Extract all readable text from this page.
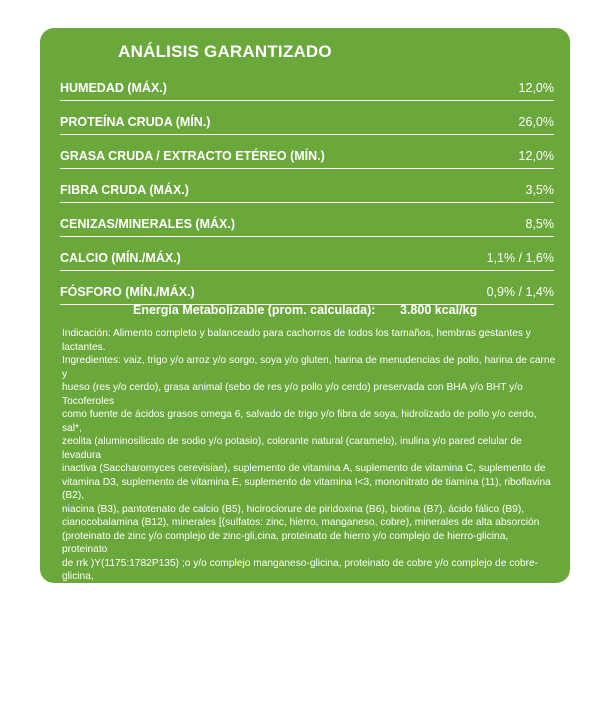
ANÁLISIS GARANTIZADO
HUMEDAD (MÁX.)	12,0%
PROTEÍNA CRUDA (MÍN.)	26,0%
GRASA CRUDA / EXTRACTO ETÉREO (MÍN.)	12,0%
FIBRA CRUDA (MÁX.)	3,5%
CENIZAS/MINERALES (MÁX.)	8,5%
CALCIO (MÍN./MÁX.)	1,1% / 1,6%
FÓSFORO (MÍN./MÁX.)	0,9% / 1,4%
Energía Metabolizable (prom. calculada): 3.800 kcal/kg

Indicación: Alimento completo y balanceado para cachorros de todos los tamaños, hembras gestantes y lactantes.

Ingredientes: vaiz, trigo y/o arroz y/o sorgo, soya y/o gluten, harina de menudencias de pollo, harina de carne y

hueso (res y/o cerdo), grasa animal (sebo de res y/o pollo y/o cerdo) preservada con BHA y/o BHT y/o Tocoferoles

como fuente de ácidos grasos omega 6, salvado de trigo y/o fibra de soya, hidrolizado de pollo y/o cerdo, sal*,

zeolita (aluminosilicato de sodio y/o potasio), colorante natural (caramelo), inulina y/o pared celular de levadura

inactiva (Saccharomyces cerevisiae), suplemento de vitamina A, suplemento de vitamina C, suplemento de

vitamina D3, suplemento de vitamina E, suplemento de vitamina I<3, mononitrato de tiamina (11), riboflavina (B2),

niacina (B3), pantotenato de calcio (B5), hiciroclorure de piridoxina (B6), biotina (B7), ácido fálico (B9),

cianocobalamina (B12), minerales [(sulfatos: zinc, hierro, manganeso, cobre), minerales de alta absorción

(proteinato de zinc y/o complejo de zinc-gli,cina, proteinato de hierro y/o complejo de hierro-glicina, proteinato

de rrk )Y(1175:1782P135) ;o y/o complejo manganeso-glicina, proteinato de cobre y/o complejo de cobre-glicina,

proteinato de selenio y/o complejo de selenio-glicina), selenito de sodio, yodato de calcio o yodato de potasio],

cloruro de potasio, harina de alga (Schizochytrium sp.) y/o harina de pescado (atún y/o salmón) como fuente de

ácidos grasos omega 3, leche en polvo de bovino, cloruro de colina, aminoácidos (taurina, L-lisina, DL-metionina),

ortofosfato de calcio y/o carbonato de calcio, zanahoria, manzana, plátano. *Sal (Cloruro de sodio) (mín./máx.)

1,0% / 2,0% *Sal (Cloruro de sodio) (min./máx.) (1.0% / 2.0%)
